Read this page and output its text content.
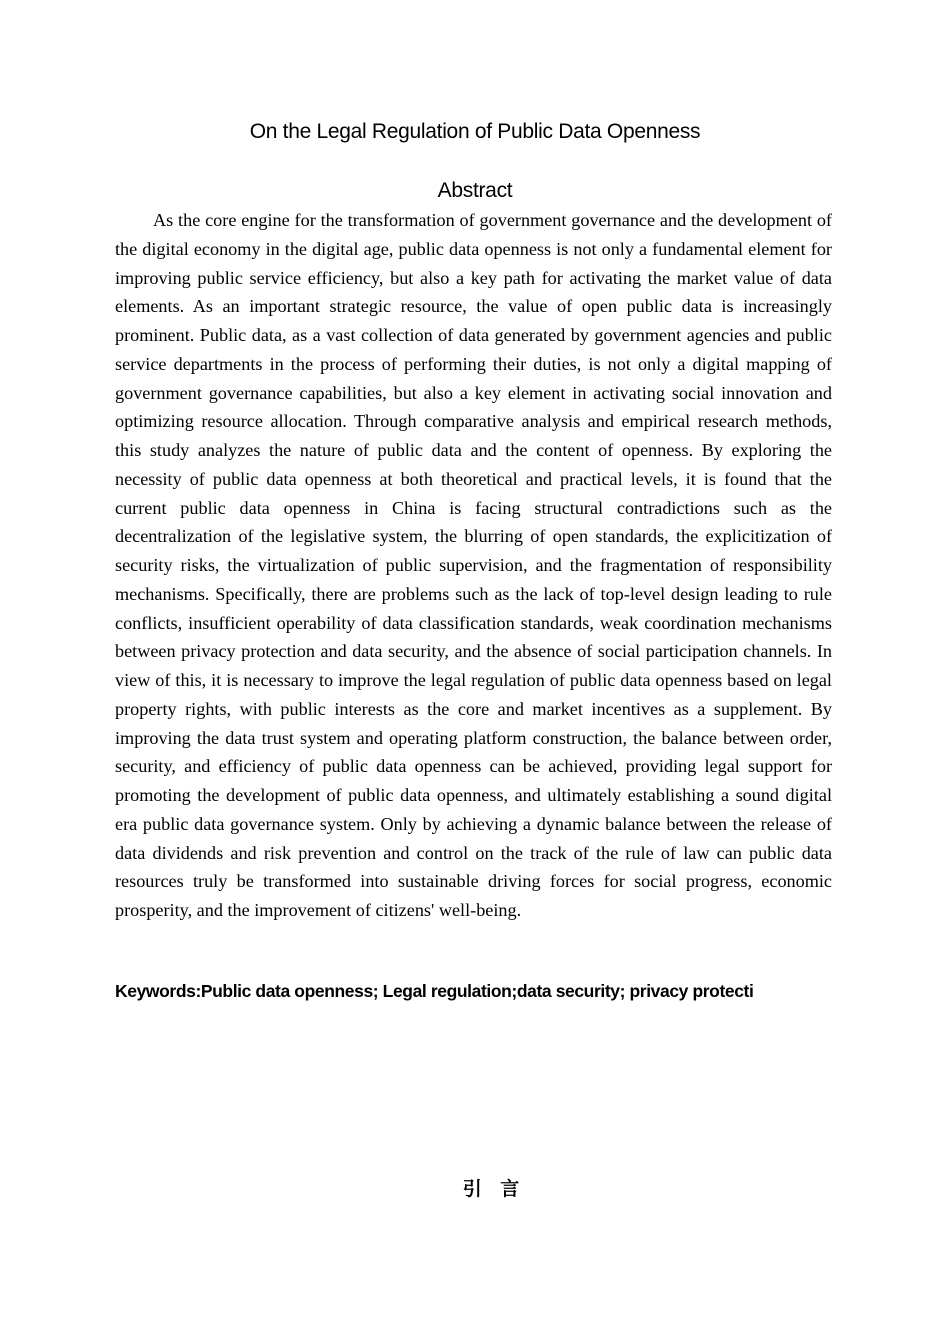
On the Legal Regulation of Public Data Openness
Abstract

As the core engine for the transformation of government governance and the development of the digital economy in the digital age, public data openness is not only a fundamental element for improving public service efficiency, but also a key path for activating the market value of data elements. As an important strategic resource, the value of open public data is increasingly prominent. Public data, as a vast collection of data generated by government agencies and public service departments in the process of performing their duties, is not only a digital mapping of government governance capabilities, but also a key element in activating social innovation and optimizing resource allocation. Through comparative analysis and empirical research methods, this study analyzes the nature of public data and the content of openness. By exploring the necessity of public data openness at both theoretical and practical levels, it is found that the current public data openness in China is facing structural contradictions such as the decentralization of the legislative system, the blurring of open standards, the explicitization of security risks, the virtualization of public supervision, and the fragmentation of responsibility mechanisms. Specifically, there are problems such as the lack of top-level design leading to rule conflicts, insufficient operability of data classification standards, weak coordination mechanisms between privacy protection and data security, and the absence of social participation channels. In view of this, it is necessary to improve the legal regulation of public data openness based on legal property rights, with public interests as the core and market incentives as a supplement. By improving the data trust system and operating platform construction, the balance between order, security, and efficiency of public data openness can be achieved, providing legal support for promoting the development of public data openness, and ultimately establishing a sound digital era public data governance system. Only by achieving a dynamic balance between the release of data dividends and risk prevention and control on the track of the rule of law can public data resources truly be transformed into sustainable driving forces for social progress, economic prosperity, and the improvement of citizens' well-being.

Keywords:Public data openness; Legal regulation;data security; privacy protecti
引 言
